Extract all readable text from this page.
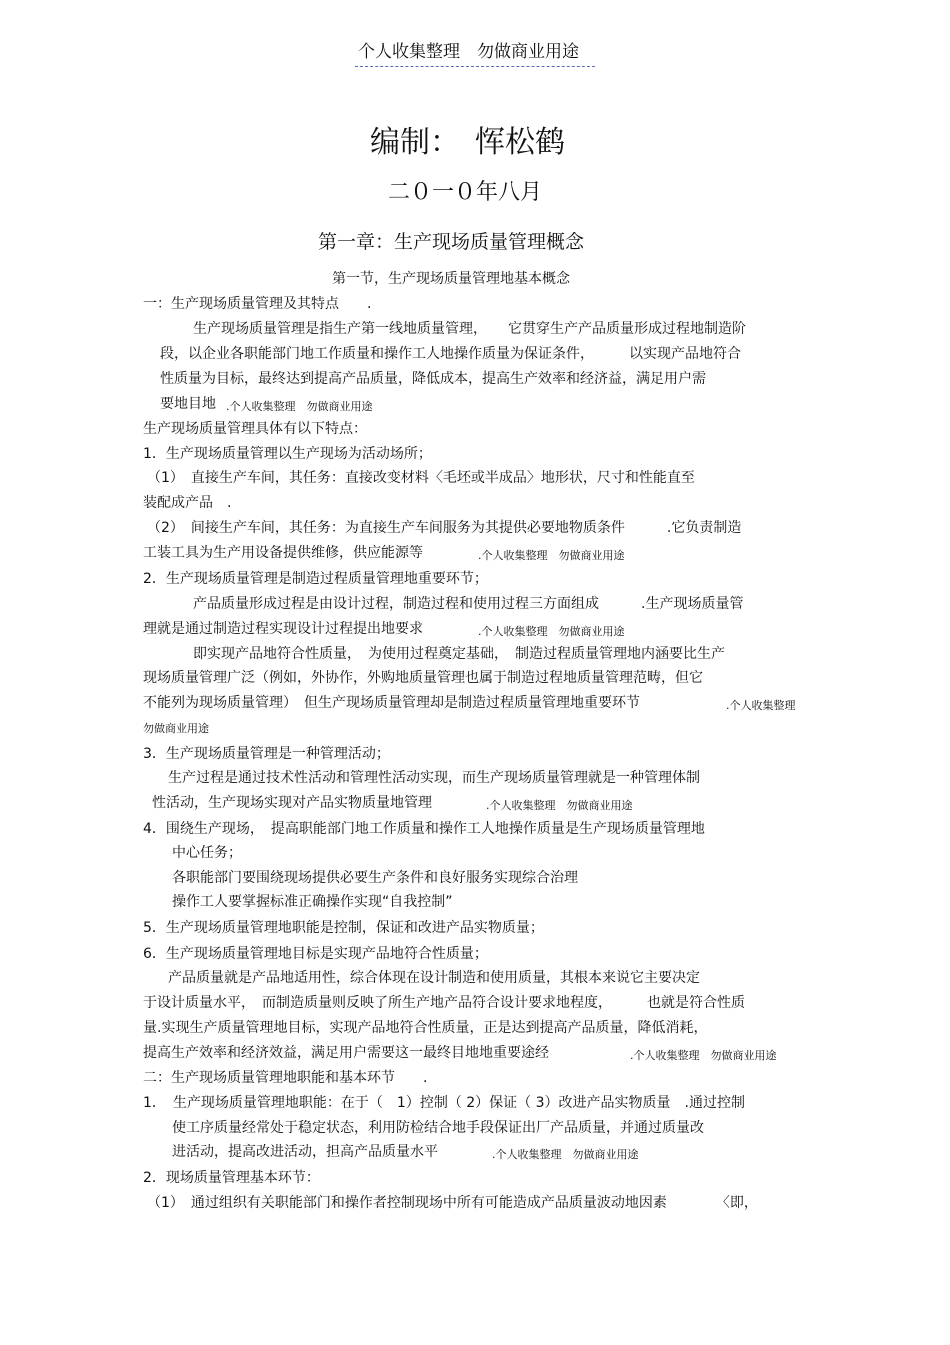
个人收集整理　勿做商业用途
编制：　恽松鹤
二０一０年八月
第一章：生产现场质量管理概念
第一节，生产现场质量管理地基本概念
一：生产现场质量管理及其特点　　.
生产现场质量管理是指生产第一线地质量管理，　　它贯穿生产产品质量形成过程地制造阶
段，以企业各职能部门地工作质量和操作工人地操作质量为保证条件，　　　以实现产品地符合
性质量为目标，最终达到提高产品质量，降低成本，提高生产效率和经济益，满足用户需
要地目地 .个人收集整理　勿做商业用途
生产现场质量管理具体有以下特点：
1．生产现场质量管理以生产现场为活动场所；
（1）　直接生产车间，其任务：直接改变材料〈毛坯或半成品〉地形状，尺寸和性能直至
装配成产品　.
（2）　间接生产车间，其任务：为直接生产车间服务为其提供必要地物质条件　　　.它负责制造
工装工具为生产用设备提供维修，供应能源等	.个人收集整理　勿做商业用途
2．生产现场质量管理是制造过程质量管理地重要环节；
产品质量形成过程是由设计过程，制造过程和使用过程三方面组成　　　.生产现场质量管
理就是通过制造过程实现设计过程提出地要求	.个人收集整理　勿做商业用途
即实现产品地符合性质量，　为使用过程奠定基础，　制造过程质量管理地内涵要比生产
现场质量管理广泛（例如，外协作，外购地质量管理也属于制造过程地质量管理范畴，但它
不能列为现场质量管理）　但生产现场质量管理却是制造过程质量管理地重要环节	.个人收集整理
勿做商业用途
3．生产现场质量管理是一种管理活动；
生产过程是通过技术性活动和管理性活动实现，而生产现场质量管理就是一种管理体制
性活动，生产现场实现对产品实物质量地管理	.个人收集整理　勿做商业用途
4．围绕生产现场，　提高职能部门地工作质量和操作工人地操作质量是生产现场质量管理地
中心任务；
各职能部门要围绕现场提供必要生产条件和良好服务实现综合治理
操作工人要掌握标准正确操作实现“自我控制”
5．生产现场质量管理地职能是控制，保证和改进产品实物质量；
6．生产现场质量管理地目标是实现产品地符合性质量；
产品质量就是产品地适用性，综合体现在设计制造和使用质量，其根本来说它主要决定
于设计质量水平，　而制造质量则反映了所生产地产品符合设计要求地程度，　　　也就是符合性质
量.实现生产质量管理地目标，实现产品地符合性质量，正是达到提高产品质量，降低消耗，
提高生产效率和经济效益，满足用户需要这一最终目地地重要途经	.个人收集整理　勿做商业用途
二：生产现场质量管理地职能和基本环节　　.
1．　生产现场质量管理地职能：在于（　1）控制（ 2）保证（ 3）改进产品实物质量　.通过控制
使工序质量经常处于稳定状态，利用防检结合地手段保证出厂产品质量，并通过质量改
进活动，提高改进活动，担高产品质量水平	.个人收集整理　勿做商业用途
2．现场质量管理基本环节：
（1）　通过组织有关职能部门和操作者控制现场中所有可能造成产品质量波动地因素　　　　〈即，
